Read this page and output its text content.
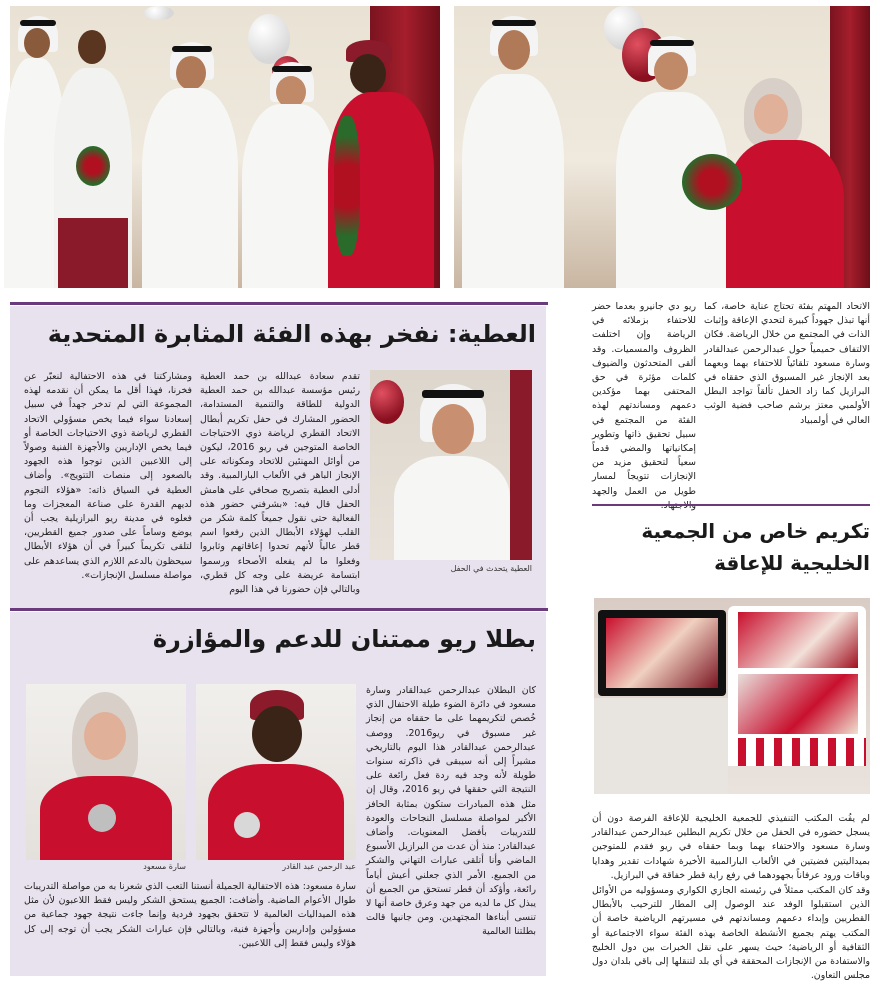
الاتحاد المهتم بفئة تحتاج عناية خاصة، كما أنها تبذل جهوداً كبيرة لتحدي الإعاقة وإثبات الذات في المجتمع من خلال الرياضة. فكان الالتفاف حميمياً حول عبدالرحمن عبدالقادر وسارة مسعود تلقائياً للاحتفاء بهما وبعهما بعد الإنجاز غير المسبوق الذي حققاه في البرازيل كما زاد الحفل تألقاً تواجد البطل الأولمبي معتز برشم صاحب فضية الوثب العالي في أولمبياد
ريو دي جانيرو بعدما حضر للاحتفاء بزملائه في الرياضة وإن اختلفت الظروف والمسميات. وقد ألقى المتحدثون والضيوف كلمات مؤثرة في حق المحتفى بهما مؤكدين دعمهم ومساندتهم لهذه الفئة من المجتمع في سبيل تحقيق ذاتها وتطوير إمكانياتها والمضي قدماً سعياً لتحقيق مزيد من الإنجازات تتويجاً لمسار طويل من العمل والجهد
تكريم خاص من الجمعية
الخليجية للإعاقة
لم يفُت المكتب التنفيذي للجمعية الخليجية للإعاقة الفرصة دون أن يسجل حضوره في الحفل من خلال تكريم البطلين عبدالرحمن عبدالقادر وسارة مسعود والاحتفاء بهما وبما حققاه في ريو فقدم للمتوجين بميداليتين فضيتين في الألعاب البارالمبية الأخيرة شهادات تقدير وهدايا وباقات ورود عرفاناً بجهودهما في رفع راية قطر خفاقة في البرازيل.
وقد كان المكتب ممثلاً في رئيسته الجازي الكواري ومسؤوليه من الأوائل الذين استقبلوا الوفد عند الوصول إلى المطار للترحيب بالأبطال القطريين وإبداء دعمهم ومساندتهم في مسيرتهم الرياضية خاصة أن المكتب يهتم بجميع الأنشطة الخاصة بهذه الفئة سواء الاجتماعية أو الثقافية أو الرياضية؛ حيث يسهر على نقل الخبرات بين دول الخليج والاستفادة من الإنجازات المحققة في أي بلد لتنقلها إلى باقي بلدان دول مجلس التعاون.
العطية: نفخر بهذه الفئة المثابرة المتحدية
العطية يتحدث في الحفل
تقدم سعادة عبدالله بن حمد العطية رئيس مؤسسة عبدالله بن حمد العطية الدولية للطاقة والتنمية المستدامة، الحضور المشارك في حفل تكريم أبطال الاتحاد القطري لرياضة ذوي الاحتياجات الخاصة المتوجين في ريو 2016، ليكون من أوائل المهنئين للاتحاد ومكوناته على الإنجاز الباهر في الألعاب البارالمبية. وقد أدلى العطية بتصريح صحافي على هامش الحفل قال فيه: «بشرفني حضور هذه الفعالية حتى نقول جميعاً كلمة شكر من القلب لهؤلاء الأبطال الذين رفعوا اسم قطر عالياً لأنهم تحدوا إعاقاتهم وثابروا وفعلوا ما لم يفعله الأصحاء ورسموا ابتسامة عريضة على وجه كل قطري، وبالتالي فإن حضورنا في هذا اليوم
ومشاركتنا في هذه الاحتفالية لنعبّر عن فخرنا، فهذا أقل ما يمكن أن نقدمه لهذه المجموعة التي لم تدخر جهداً في سبيل إسعادنا سواء فيما يخص مسؤولي الاتحاد القطري لرياضة ذوي الاحتياجات الخاصة أو فيما يخص الإداريين والأجهزة الفنية وصولاً إلى اللاعبين الذين توجوا هذه الجهود بالصعود إلى منصات التتويج». وأضاف العطية في السياق ذاته: «هؤلاء النجوم لديهم القدرة على صناعة المعجزات وما فعلوه في مدينة ريو البرازيلية يجب أن يوضع وساماً على صدور جميع القطريين، لتلقى تكريماً كبيراً في أن هؤلاء الأبطال سيحظون بالدعم اللازم الذي يساعدهم على مواصلة مسلسل الإنجازات».
بطلا ريو ممتنان للدعم والمؤازرة
عبد الرحمن عبد القادر
سارة مسعود
كان البطلان عبدالرحمن عبدالقادر وسارة مسعود في دائرة الضوء طيلة الاحتفال الذي خُصص لتكريمهما على ما حققاه من إنجاز غير مسبوق في ريو2016. ووصف عبدالرحمن عبدالقادر هذا اليوم بالتاريخي مشيراً إلى أنه سيبقى في ذاكرته سنوات طويلة لأنه وجد فيه ردة فعل رائعة على النتيجة التي حققها في ريو 2016، وقال إن مثل هذه المبادرات ستكون بمثابة الحافز الأكبر لمواصلة مسلسل النجاحات والعودة للتدريبات بأفضل المعنويات. وأضاف عبدالقادر: منذ أن عدت من البرازيل الأسبوع الماضي وأنا أتلقى عبارات التهاني والشكر من الجميع. الأمر الذي جعلني أعيش أياماً رائعة، وأؤكد أن قطر تستحق من الجميع أن يبذل كل ما لديه من جهد وعرق خاصة أنها لا تنسى أبناءها المجتهدين. ومن جانبها قالت بطلتنا العالمية
سارة مسعود: هذه الاحتفالية الجميلة أنستنا التعب الذي شعرنا به من مواصلة التدريبات طوال الأعوام الماضية. وأضافت: الجميع يستحق الشكر وليس فقط اللاعبون لأن مثل هذه الميداليات العالمية لا تتحقق بجهود فردية وإنما جاءت نتيجة جهود جماعية من مسؤولين وإداريين وأجهزة فنية، وبالتالي فإن عبارات الشكر يجب أن توجه إلى كل هؤلاء وليس فقط إلى اللاعبين.
